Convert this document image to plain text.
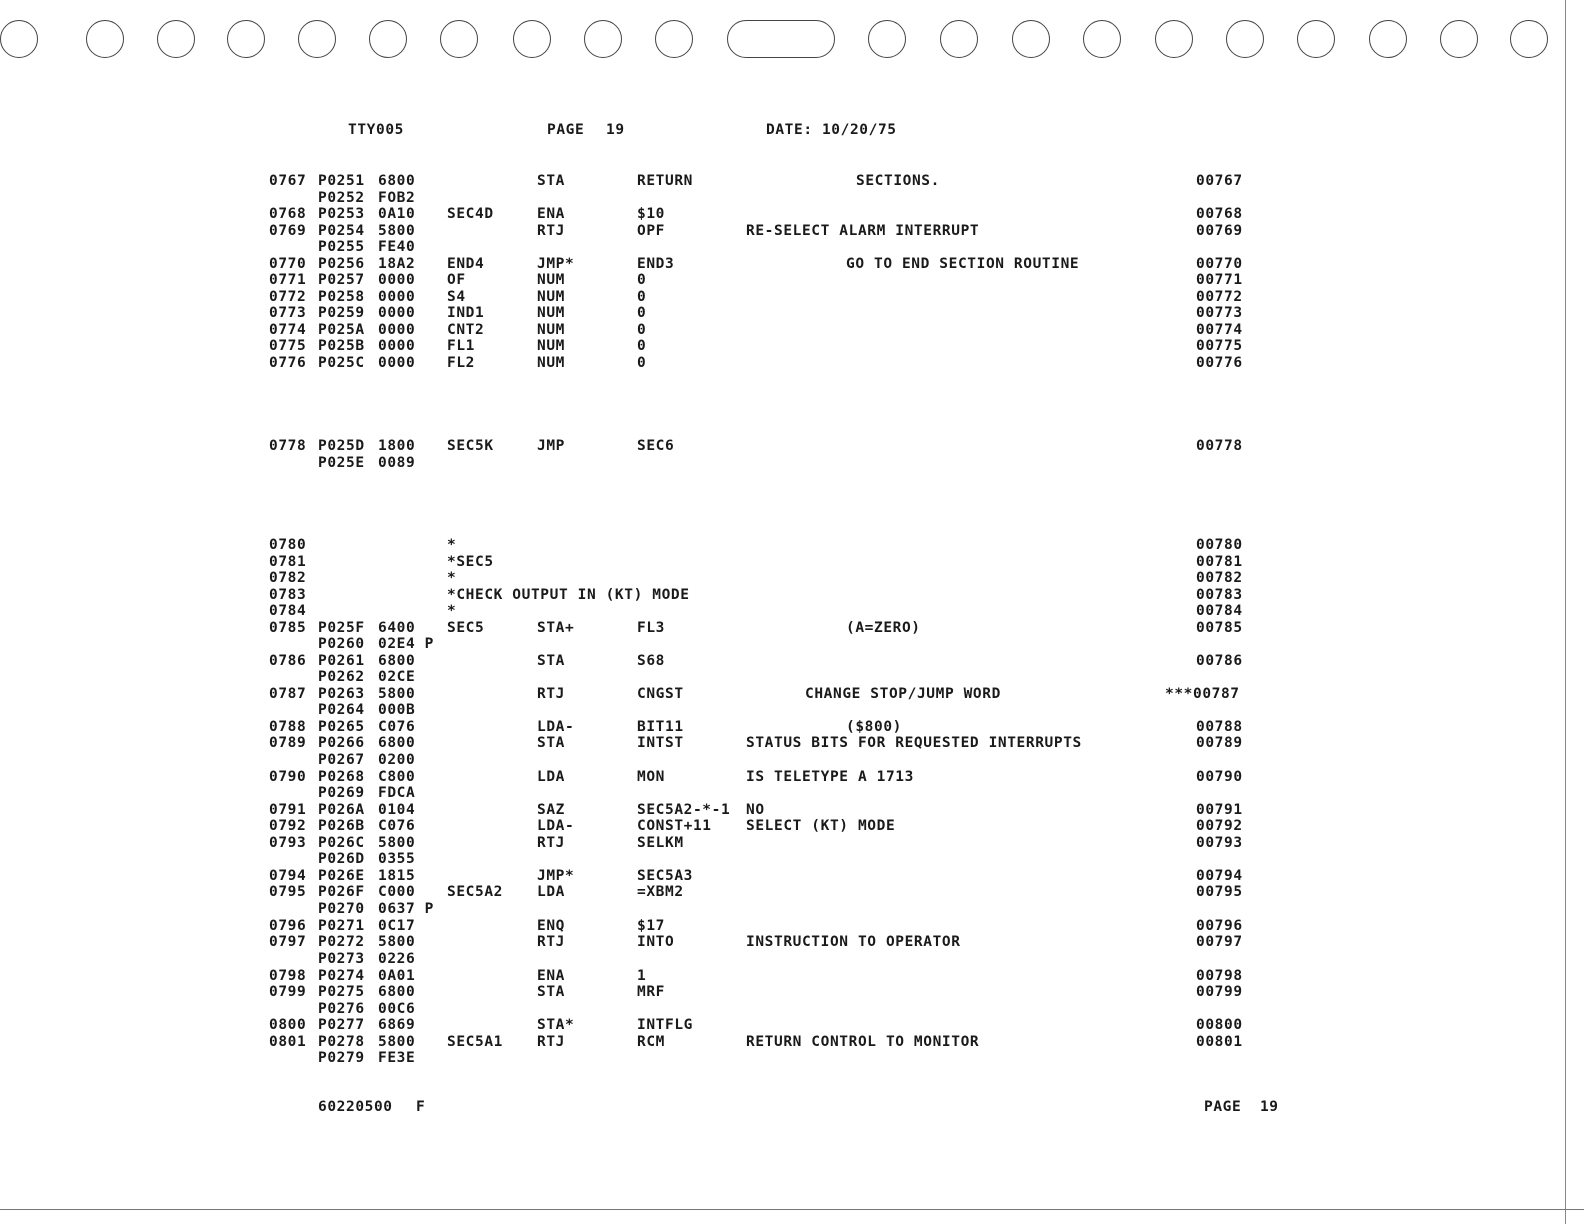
TTY005	PAGE 19	DATE: 10/20/75
0767 P0251 6800	STA	RETURN	SECTIONS.	00767
P0252 FOB2
0768 P0253 0A10 SEC4D	ENA	$10	00768
0769 P0254 5800	RTJ	OPF	RE-SELECT ALARM INTERRUPT	00769
P0255 FE40
0770 P0256 18A2 END4	JMP*	END3	GO TO END SECTION ROUTINE	00770
0771 P0257 0000 OF	NUM	0	00771
0772 P0258 0000 S4	NUM	0	00772
0773 P0259 0000 IND1	NUM	0	00773
0774 P025A 0000 CNT2	NUM	0	00774
0775 P025B 0000 FL1	NUM	0	00775
0776 P025C 0000 FL2	NUM	0	00776
0778 P025D 1800 SEC5K	JMP	SEC6	00778
P025E 0089
0780	*	00780
0781	*SEC5	00781
0782	*	00782
0783	*CHECK OUTPUT IN (KT) MODE	00783
0784	*	00784
0785 P025F 6400 SEC5	STA+	FL3	(A=ZERO)	00785
P0260 02E4 P
0786 P0261 6800	STA	S68	00786
P0262 02CE
0787 P0263 5800	RTJ	CNGST	CHANGE STOP/JUMP WORD	***00787
P0264 000B
0788 P0265 C076	LDA-	BIT11	($800)	00788
0789 P0266 6800	STA	INTST	STATUS BITS FOR REQUESTED INTERRUPTS	00789
P0267 0200
0790 P0268 C800	LDA	MON	IS TELETYPE A 1713	00790
P0269 FDCA
0791 P026A 0104	SAZ	SEC5A2-*-1 NO	00791
0792 P026B C076	LDA-	CONST+11 SELECT (KT) MODE	00792
0793 P026C 5800	RTJ	SELKM	00793
P026D 0355
0794 P026E 1815	JMP*	SEC5A3	00794
0795 P026F C000 SEC5A2 LDA	=XBM2	00795
P0270 0637 P
0796 P0271 0C17	ENQ	$17	00796
0797 P0272 5800	RTJ	INTO	INSTRUCTION TO OPERATOR	00797
P0273 0226
0798 P0274 0A01	ENA	1	00798
0799 P0275 6800	STA	MRF	00799
P0276 00C6
0800 P0277 6869	STA*	INTFLG	00800
0801 P0278 5800 SEC5A1 RTJ	RCM	RETURN CONTROL TO MONITOR	00801
P0279 FE3E
60220500 F	PAGE  19
